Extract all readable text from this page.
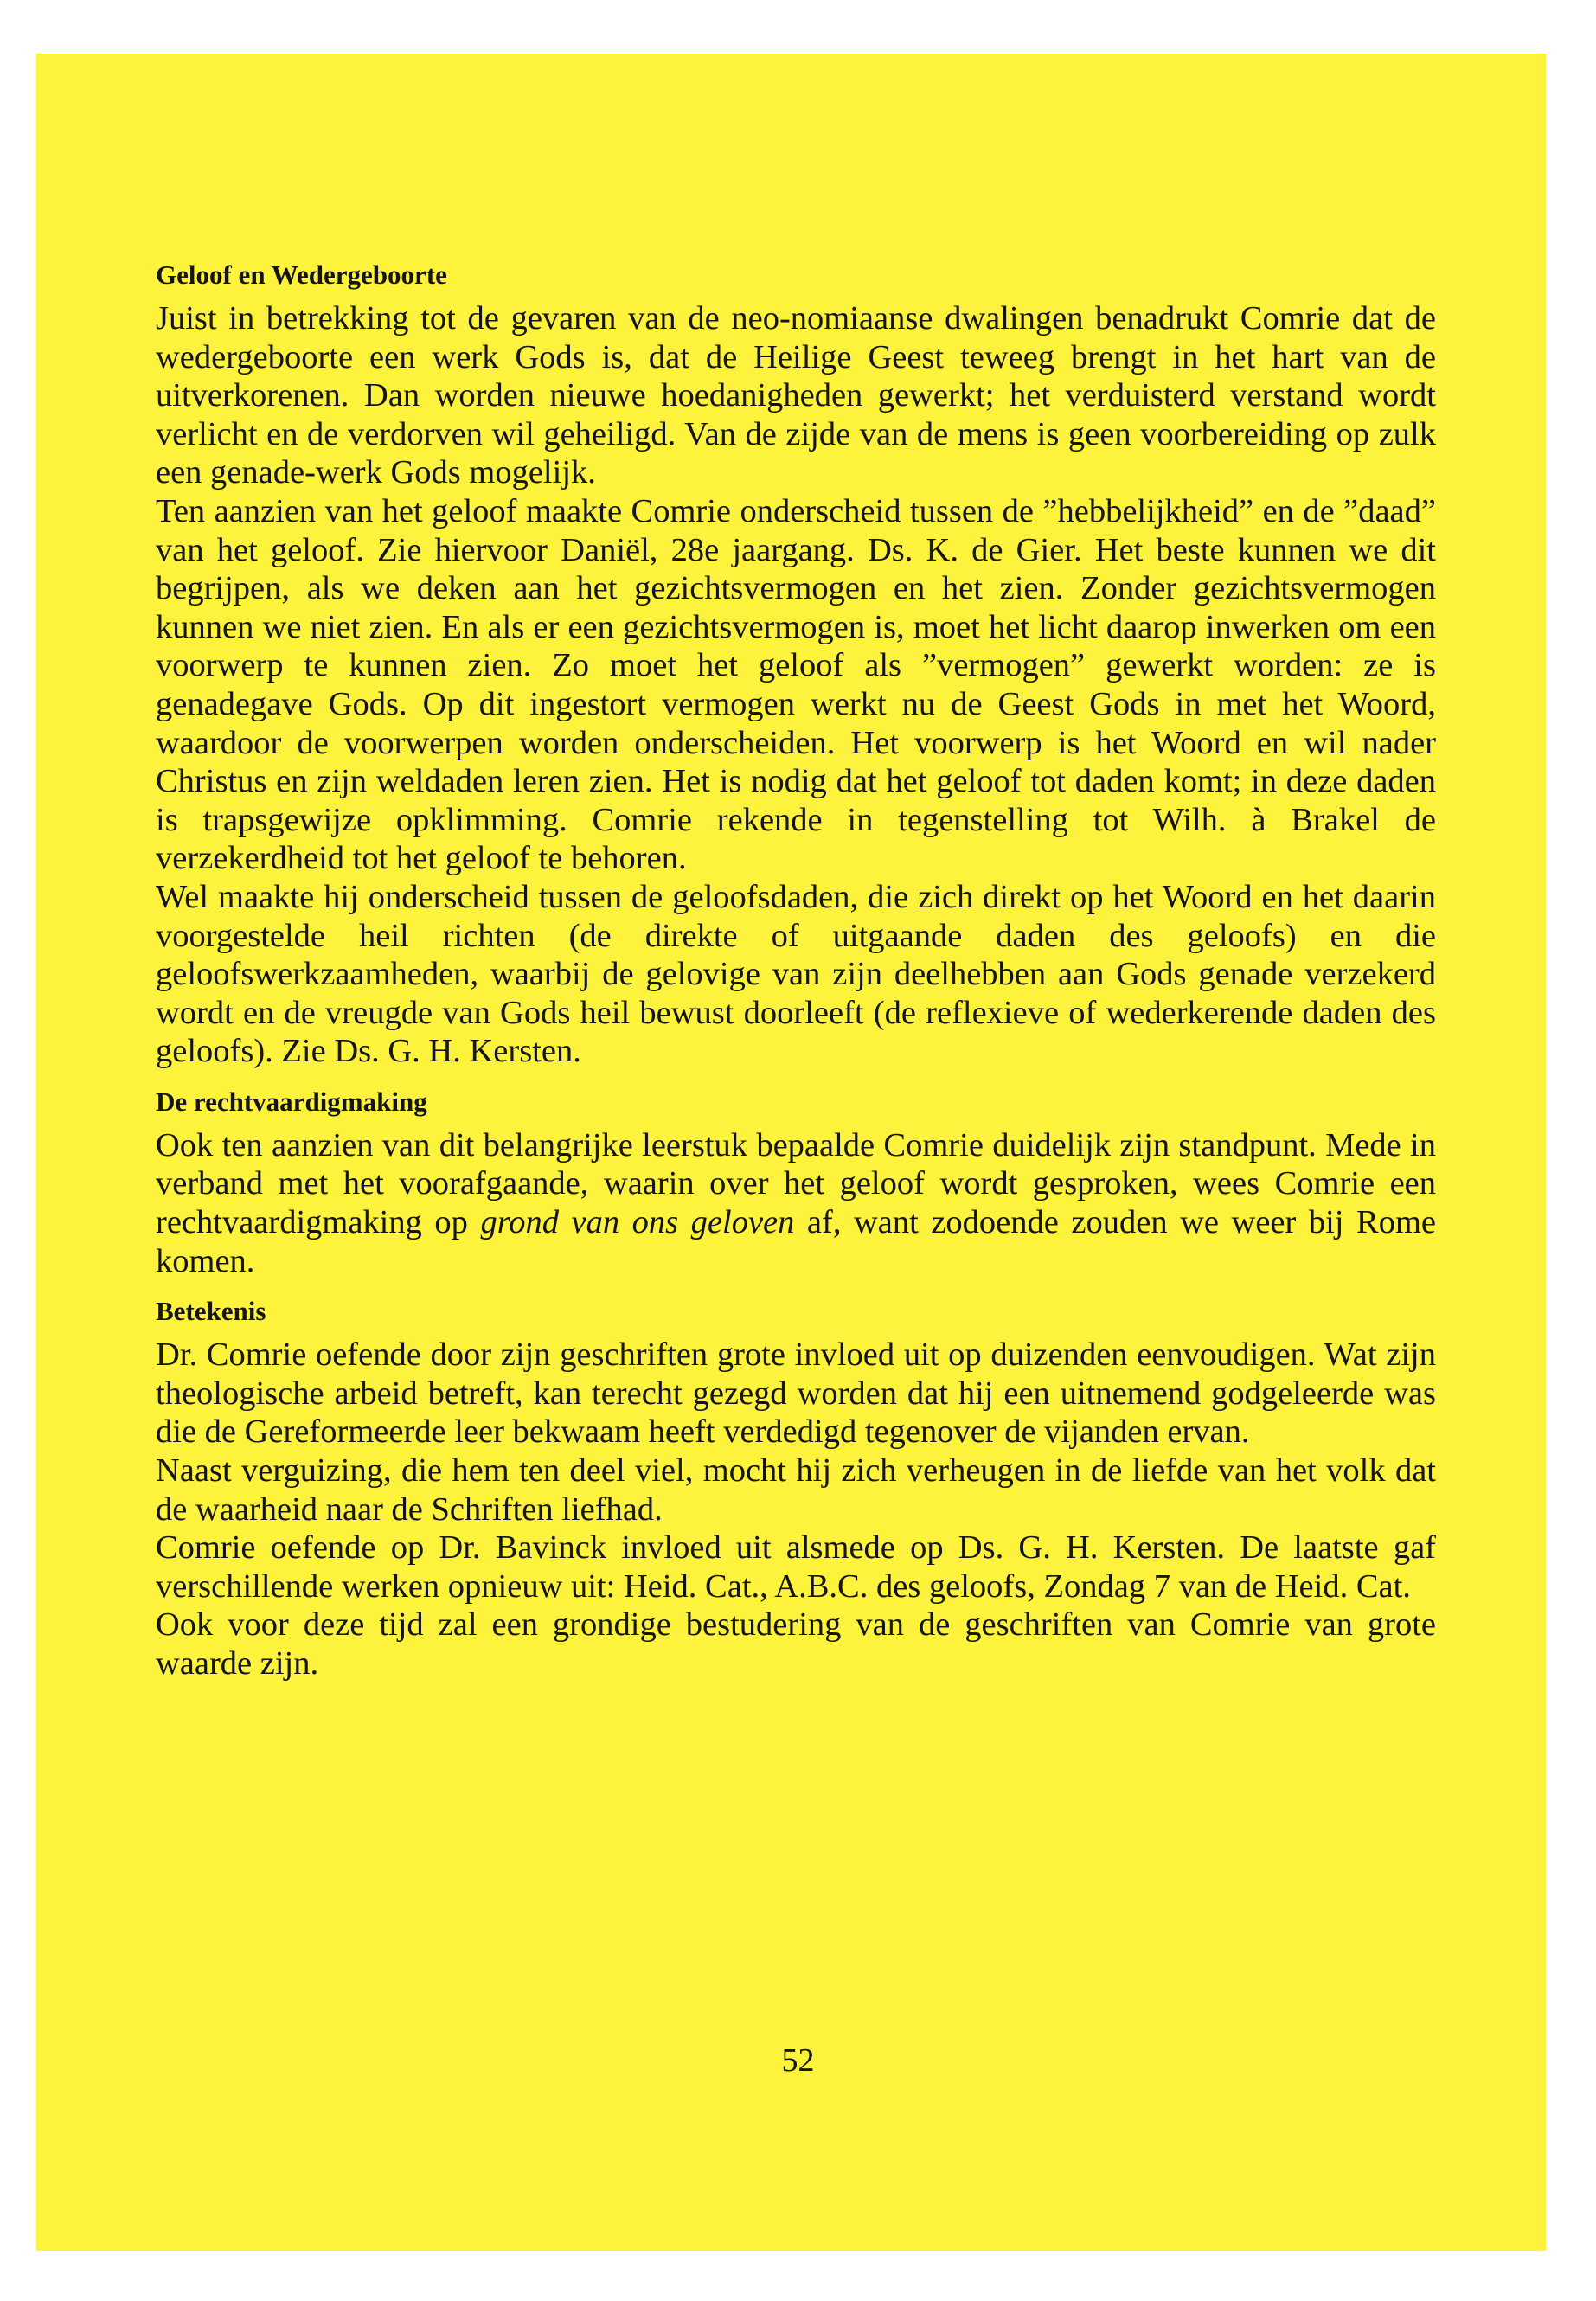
Geloof en Wedergeboorte

Juist in betrekking tot de gevaren van de neo-nomiaanse dwalingen benadrukt Comrie dat de wedergeboorte een werk Gods is, dat de Heilige Geest teweeg brengt in het hart van de uitverkorenen. Dan worden nieuwe hoedanigheden gewerkt; het verduisterd verstand wordt verlicht en de verdorven wil geheiligd. Van de zijde van de mens is geen voorbereiding op zulk een genade-werk Gods mogelijk.

Ten aanzien van het geloof maakte Comrie onderscheid tussen de ”hebbelijkheid” en de ”daad” van het geloof. Zie hiervoor Daniël, 28e jaargang. Ds. K. de Gier. Het beste kunnen we dit begrijpen, als we deken aan het gezichtsvermogen en het zien. Zonder gezichtsvermogen kunnen we niet zien. En als er een gezichtsvermogen is, moet het licht daarop inwerken om een voorwerp te kunnen zien. Zo moet het geloof als ”vermogen” gewerkt worden: ze is genadegave Gods. Op dit ingestort vermogen werkt nu de Geest Gods in met het Woord, waardoor de voorwerpen worden onderscheiden. Het voorwerp is het Woord en wil nader Christus en zijn weldaden leren zien. Het is nodig dat het geloof tot daden komt; in deze daden is trapsgewijze opklimming. Comrie rekende in tegenstelling tot Wilh. à Brakel de verzekerdheid tot het geloof te behoren.

Wel maakte hij onderscheid tussen de geloofsdaden, die zich direkt op het Woord en het daarin voorgestelde heil richten (de direkte of uitgaande daden des geloofs) en die geloofswerkzaamheden, waarbij de gelovige van zijn deelhebben aan Gods genade verzekerd wordt en de vreugde van Gods heil bewust doorleeft (de reflexieve of wederkerende daden des geloofs). Zie Ds. G. H. Kersten.

De rechtvaardigmaking

Ook ten aanzien van dit belangrijke leerstuk bepaalde Comrie duidelijk zijn standpunt. Mede in verband met het voorafgaande, waarin over het geloof wordt gesproken, wees Comrie een rechtvaardigmaking op grond van ons geloven af, want zodoende zouden we weer bij Rome komen.

Betekenis

Dr. Comrie oefende door zijn geschriften grote invloed uit op duizenden eenvoudigen. Wat zijn theologische arbeid betreft, kan terecht gezegd worden dat hij een uitnemend godgeleerde was die de Gereformeerde leer bekwaam heeft verdedigd tegenover de vijanden ervan.

Naast verguizing, die hem ten deel viel, mocht hij zich verheugen in de liefde van het volk dat de waarheid naar de Schriften liefhad.

Comrie oefende op Dr. Bavinck invloed uit alsmede op Ds. G. H. Kersten. De laatste gaf verschillende werken opnieuw uit: Heid. Cat., A.B.C. des geloofs, Zondag 7 van de Heid. Cat.

Ook voor deze tijd zal een grondige bestudering van de geschriften van Comrie van grote waarde zijn.

52
